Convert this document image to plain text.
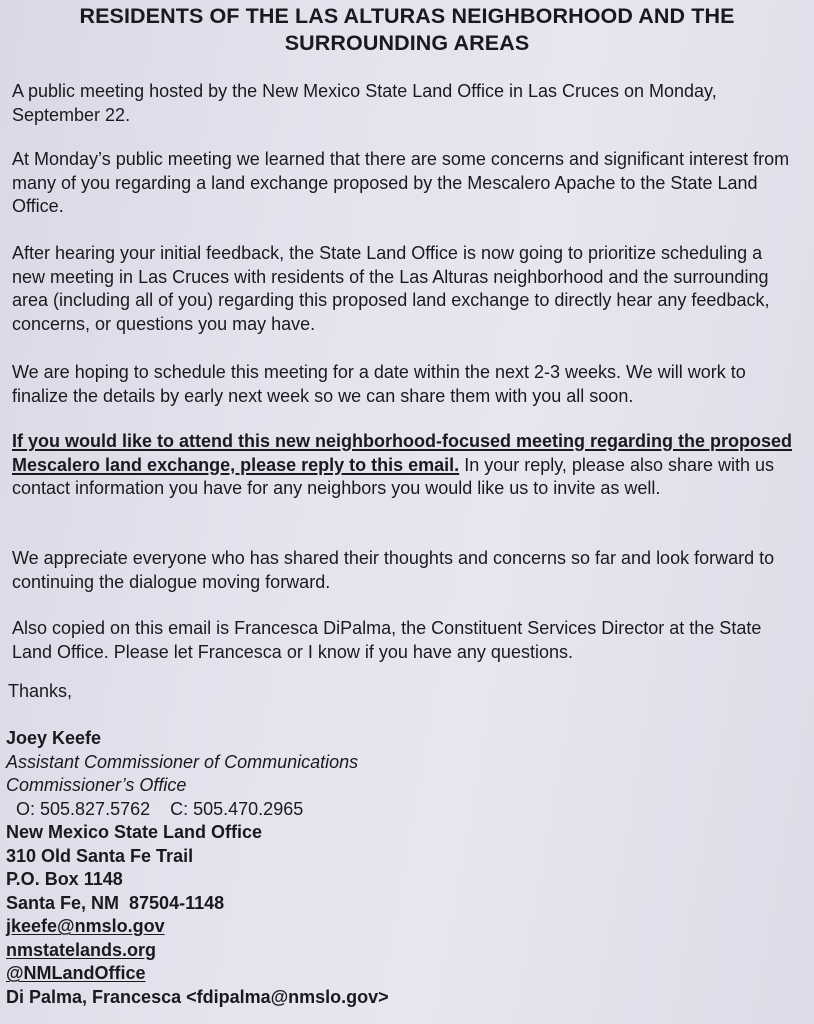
RESIDENTS OF THE LAS ALTURAS NEIGHBORHOOD AND THE SURROUNDING AREAS

A public meeting hosted by the New Mexico State Land Office in Las Cruces on Monday, September 22.

At Monday’s public meeting we learned that there are some concerns and significant interest from many of you regarding a land exchange proposed by the Mescalero Apache to the State Land Office.

After hearing your initial feedback, the State Land Office is now going to prioritize scheduling a new meeting in Las Cruces with residents of the Las Alturas neighborhood and the surrounding area (including all of you) regarding this proposed land exchange to directly hear any feedback, concerns, or questions you may have.

We are hoping to schedule this meeting for a date within the next 2-3 weeks. We will work to finalize the details by early next week so we can share them with you all soon.

If you would like to attend this new neighborhood-focused meeting regarding the proposed Mescalero land exchange, please reply to this email. In your reply, please also share with us contact information you have for any neighbors you would like us to invite as well.

We appreciate everyone who has shared their thoughts and concerns so far and look forward to continuing the dialogue moving forward.

Also copied on this email is Francesca DiPalma, the Constituent Services Director at the State Land Office. Please let Francesca or I know if you have any questions.

Thanks,

Joey Keefe
Assistant Commissioner of Communications
Commissioner’s Office
O: 505.827.5762    C: 505.470.2965
New Mexico State Land Office
310 Old Santa Fe Trail
P.O. Box 1148
Santa Fe, NM  87504-1148
jkeefe@nmslo.gov
nmstatelands.org
@NMLandOffice
Di Palma, Francesca <fdipalma@nmslo.gov>
